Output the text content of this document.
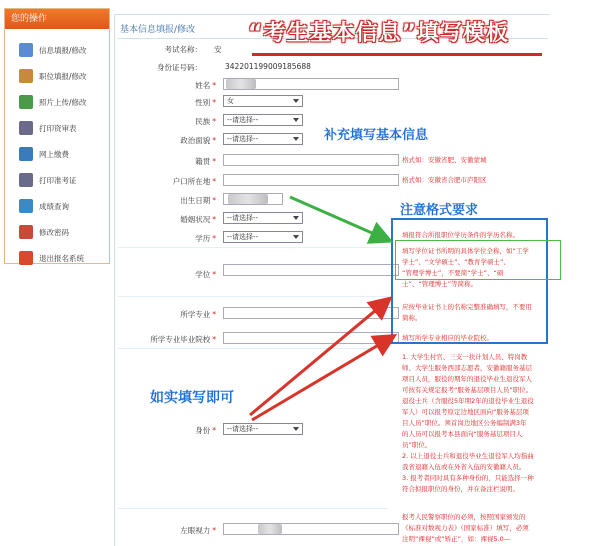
您的操作
信息填报/修改
职位填报/修改
照片上传/修改
打印资审表
网上缴费
打印准考证
成绩查询
修改密码
退出报名系统
基本信息填报/修改 “考生基本信息”填写模板
考试名称： 安
身份证号码：	342201199009185688
姓名 *
性别 *	女
民族 *	--请选择--
政治面貌 *	--请选择--
籍贯 *	格式如：安徽省肥、安徽蒙城
户口所在地 *	格式如：安徽省合肥市庐阳区
出生日期 *
婚姻状况 *	--请选择--
学历 *	--请选择--	填报符合所报职位学历条件的学历名称。
学位 *
填写学位证书所明的具体学位全称，如“工学
学士”、“文学硕士”、“教育学硕士”、
“管理学博士”，不要简“学士”、“硕
士”、“管理博士”等简称。
所学专业 *
应按毕业证书上的名称完整准确填写，不要用
简称。
所学专业毕业院校 *	填写所学专业相应的毕业院校。
身份 *	--请选择--
1. 大学生村官、三支一扶计划人员、特岗教
师、大学生服务西部志愿者，安徽籍服务基层
项目人员，服役的期年的退役毕业生退役军人
可按有关规定报考“服务基层项目人员”职位。
退役士兵（含服役5年期2年的退役毕业生退役
军人）可以报考原定边地区面向“服务基层项
目人员”职位。须首岗边地区公务编制满3年
的人员可以报考本县面向“服务基层项目人
员”职位。
2. 以上退役士兵和退役毕业生退役军人均指曲
我省退籍入伍或在外省入伍的安徽籍人员。
3. 报考者同时具有多种身份的，只能选择一种
符合拟报职位的身份，并在备注栏说明。
左眼视力 *
报考人民警察职位的必须，按照国家颁发的
《标准对数视力表》（国家标准）填写，必须
注明“裸视”或“矫正”，如：裸视5.0—
补充填写基本信息
注意格式要求
如实填写即可
